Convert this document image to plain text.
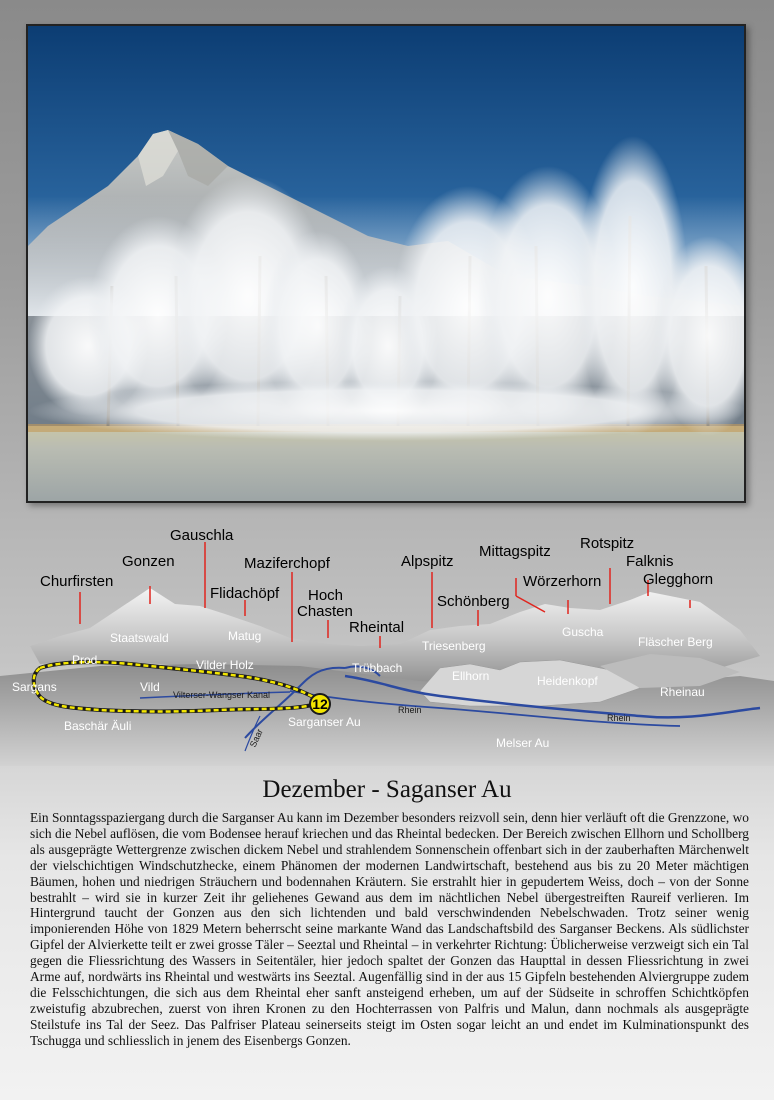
Churfirsten
Gonzen
Gauschla
Flidachöpf
Maziferchopf
Hoch
Chasten
Rheintal
Alpspitz
Schönberg
Mittagspitz
Wörzerhorn
Rotspitz
Falknis
Glegghorn
12
Staatswald	Matug
Prod	Vilder Holz
Sargans	Vild
Trübbach
Triesenberg
Guscha
Fläscher Berg
Ellhorn	Heidenkopf
Rheinau
Baschär Äuli	Sarganser Au
Melser Au
Vilterser-Wangser Kanal
Rhein
Rhein
Saar
Dezember - Saganser Au

Ein Sonntagsspaziergang durch die Sarganser Au kann im Dezember besonders reizvoll sein, denn hier verläuft oft die Grenzzone, wo sich die Nebel auflösen, die vom Bodensee herauf kriechen und das Rheintal bedecken. Der Bereich zwischen Ellhorn und Schollberg als ausgeprägte Wettergrenze zwischen dickem Nebel und strahlendem Sonnenschein offenbart sich in der zauberhaften Märchenwelt der vielschichtigen Windschutzhecke, einem Phänomen der modernen Landwirtschaft, bestehend aus bis zu 20 Meter mächtigen Bäumen, hohen und niedrigen Sträuchern und bodennahen Kräutern. Sie erstrahlt hier in gepudertem Weiss, doch – von der Sonne bestrahlt – wird sie in kurzer Zeit ihr geliehenes Gewand aus dem im nächtlichen Nebel übergestreiften Raureif verlieren. Im Hintergrund taucht der Gonzen aus den sich lichtenden und bald verschwindenden Nebelschwaden. Trotz seiner wenig imponierenden Höhe von 1829 Metern beherrscht seine markante Wand das Landschaftsbild des Sarganser Beckens. Als südlichster Gipfel der Alvierkette teilt er zwei grosse Täler – Seeztal und Rheintal – in verkehrter Richtung: Üblicherweise verzweigt sich ein Tal gegen die Fliessrichtung des Wassers in Seitentäler, hier jedoch spaltet der Gonzen das Haupttal in dessen Fliessrichtung in zwei Arme auf, nordwärts ins Rheintal und westwärts ins Seeztal. Augenfällig sind in der aus 15 Gipfeln bestehenden Alviergruppe zudem die Felsschichtungen, die sich aus dem Rheintal eher sanft ansteigend erheben, um auf der Südseite in schroffen Schichtköpfen zweistufig abzubrechen, zuerst von ihren Kronen zu den Hochterrassen von Palfris und Malun, dann nochmals als ausgeprägte Steilstufe ins Tal der Seez. Das Palfriser Plateau seinerseits steigt im Osten sogar leicht an und endet im Kulminationspunkt des Tschugga und schliesslich in jenem des Eisenbergs Gonzen.
